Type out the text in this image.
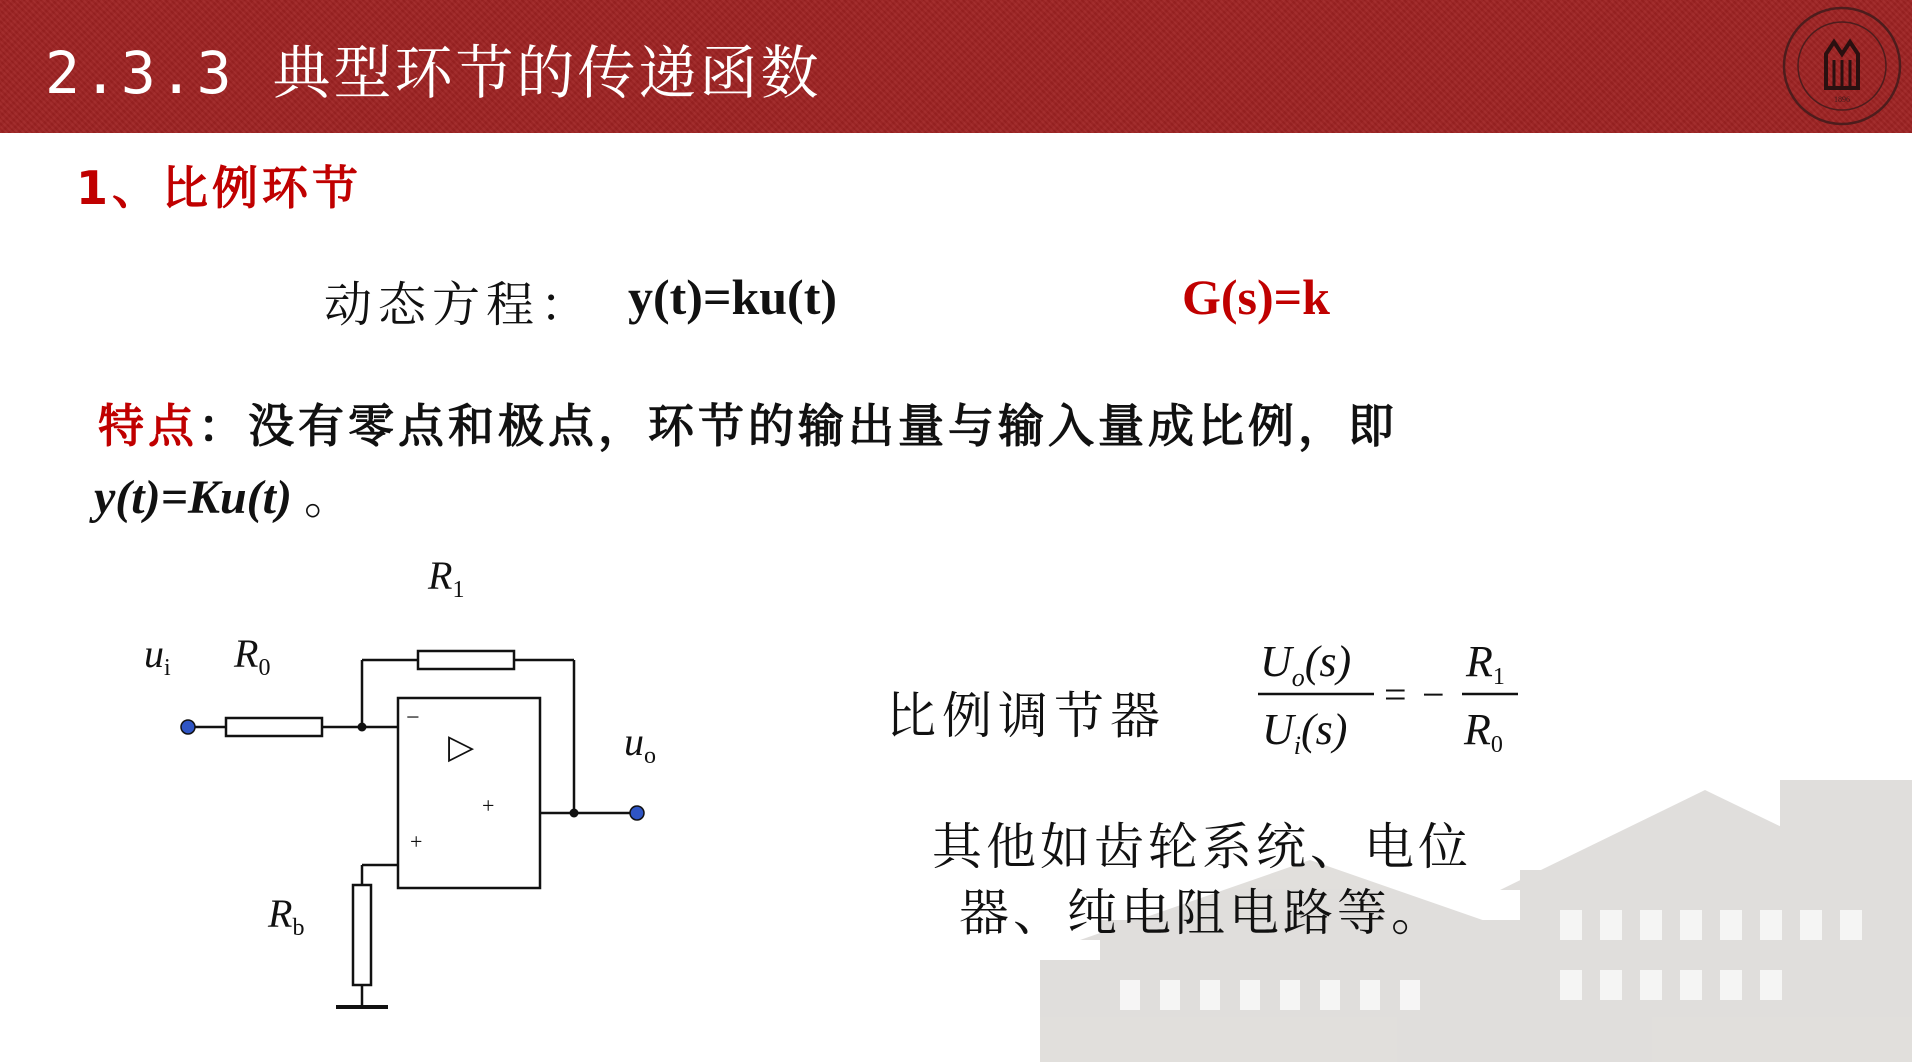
2.3.3 典型环节的传递函数	1896
1、比例环节
动态方程： y(t)=ku(t)	G(s)=k
特点：没有零点和极点，环节的输出量与输入量成比例，即
y(t)=Ku(t) 。
▷
−
+
+
$u_i$ $R_0$
$R_1$
$u_o$
$R_b$
比例调节器
$U_o(s)$
$U_i(s)$
= −
R1
R0
其他如齿轮系统、电位
器、纯电阻电路等。
